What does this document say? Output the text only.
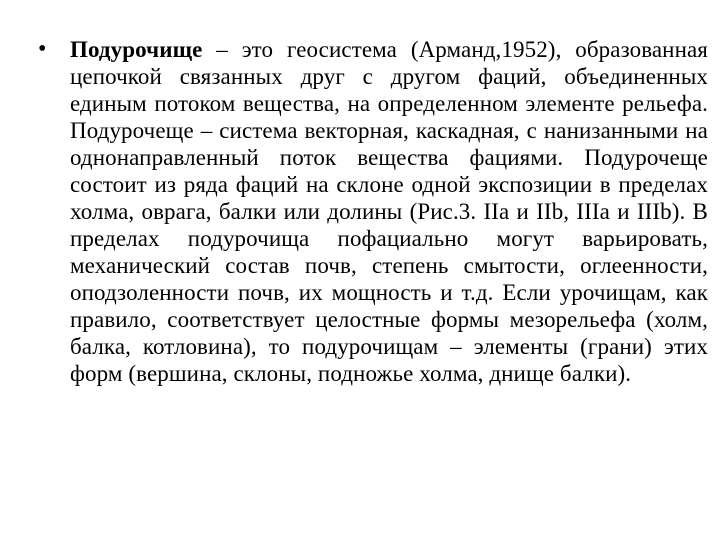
• Подурочище – это геосистема (Арманд,1952), образованная цепочкой связанных друг с другом фаций, объединенных единым потоком вещества, на определенном элементе рельефа. Подурочеще – система векторная, каскадная, с нанизанными на однонаправленный поток вещества фациями. Подурочеще состоит из ряда фаций на склоне одной экспозиции в пределах холма, оврага, балки или долины (Рис.3. IIa и IIb, IIIa и IIIb). В пределах подурочища пофациально могут варьировать, механический состав почв, степень смытости, оглеенности, оподзоленности почв, их мощность и т.д. Если урочищам, как правило, соответствует целостные формы мезорельефа (холм, балка, котловина), то подурочищам – элементы (грани) этих форм (вершина, склоны, подножье холма, днище балки).
